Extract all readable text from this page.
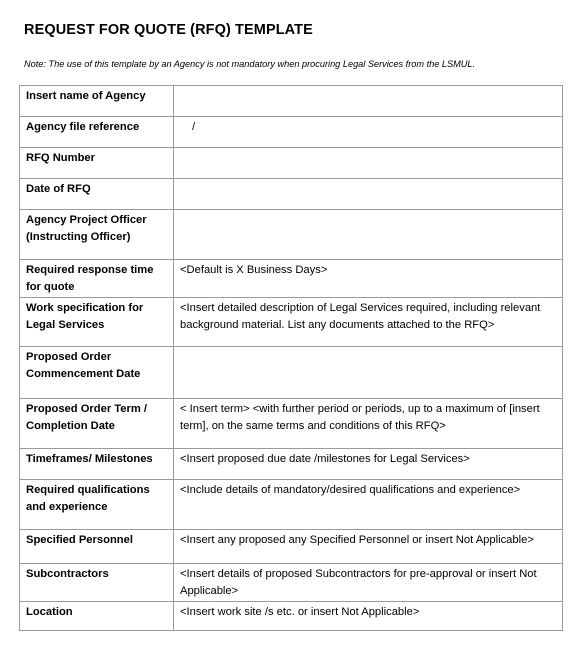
REQUEST FOR QUOTE (RFQ) TEMPLATE
Note: The use of this template by an Agency is not mandatory when procuring Legal Services from the LSMUL.
Insert name of Agency	
Agency file reference	/
RFQ Number	
Date of RFQ	
Agency Project Officer (Instructing Officer)	
Required response time for quote	<Default is X Business Days>
Work specification for Legal Services	<Insert detailed description of Legal Services required, including relevant background material. List any documents attached to the RFQ>
Proposed Order Commencement Date	
Proposed Order Term / Completion Date	< Insert term> <with further period or periods, up to a maximum of [insert term], on the same terms and conditions of this RFQ>
Timeframes/ Milestones	<Insert proposed due date /milestones for Legal Services>
Required qualifications and experience	<Include details of mandatory/desired qualifications and experience>
Specified Personnel	<Insert any proposed any Specified Personnel or insert Not Applicable>
Subcontractors	<Insert details of proposed Subcontractors for pre-approval or insert Not Applicable>
Location	<Insert work site /s etc. or insert Not Applicable>
